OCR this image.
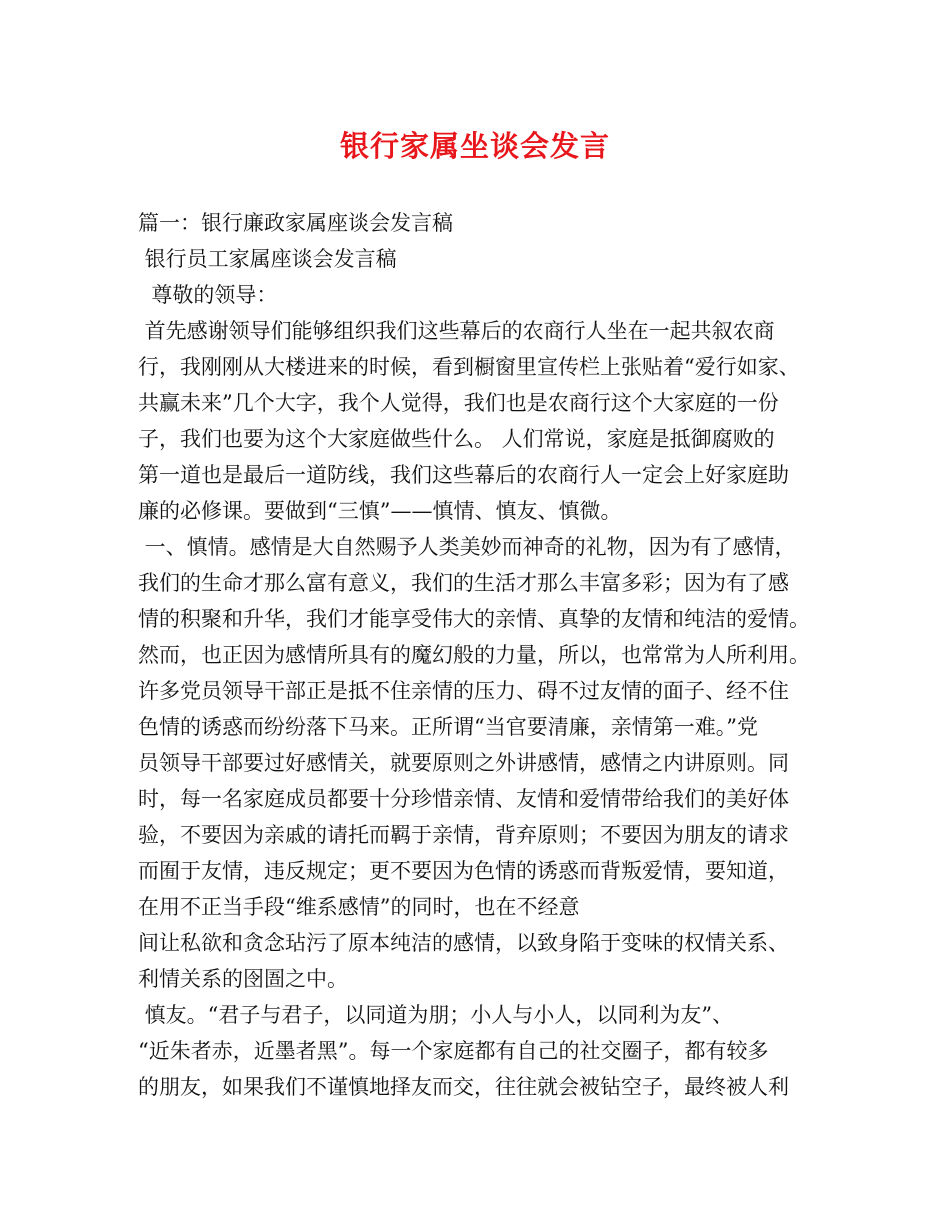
银行家属坐谈会发言
篇一：银行廉政家属座谈会发言稿
银行员工家属座谈会发言稿
尊敬的领导：
首先感谢领导们能够组织我们这些幕后的农商行人坐在一起共叙农商
行，我刚刚从大楼进来的时候，看到橱窗里宣传栏上张贴着“爱行如家、
共赢未来”几个大字，我个人觉得，我们也是农商行这个大家庭的一份
子，我们也要为这个大家庭做些什么。 人们常说，家庭是抵御腐败的
第一道也是最后一道防线，我们这些幕后的农商行人一定会上好家庭助
廉的必修课。要做到“三慎”——慎情、慎友、慎微。
一、慎情。感情是大自然赐予人类美妙而神奇的礼物，因为有了感情，
我们的生命才那么富有意义，我们的生活才那么丰富多彩；因为有了感
情的积聚和升华，我们才能享受伟大的亲情、真挚的友情和纯洁的爱情。
然而，也正因为感情所具有的魔幻般的力量，所以，也常常为人所利用。
许多党员领导干部正是抵不住亲情的压力、碍不过友情的面子、经不住
色情的诱惑而纷纷落下马来。正所谓“当官要清廉，亲情第一难。”党
员领导干部要过好感情关，就要原则之外讲感情，感情之内讲原则。同
时，每一名家庭成员都要十分珍惜亲情、友情和爱情带给我们的美好体
验，不要因为亲戚的请托而羁于亲情，背弃原则；不要因为朋友的请求
而囿于友情，违反规定；更不要因为色情的诱惑而背叛爱情，要知道，
在用不正当手段“维系感情”的同时，也在不经意
间让私欲和贪念玷污了原本纯洁的感情，以致身陷于变味的权情关系、
利情关系的囹圄之中。
慎友。“君子与君子，以同道为朋；小人与小人，以同利为友”、
“近朱者赤，近墨者黑”。每一个家庭都有自己的社交圈子，都有较多
的朋友，如果我们不谨慎地择友而交，往往就会被钻空子，最终被人利
